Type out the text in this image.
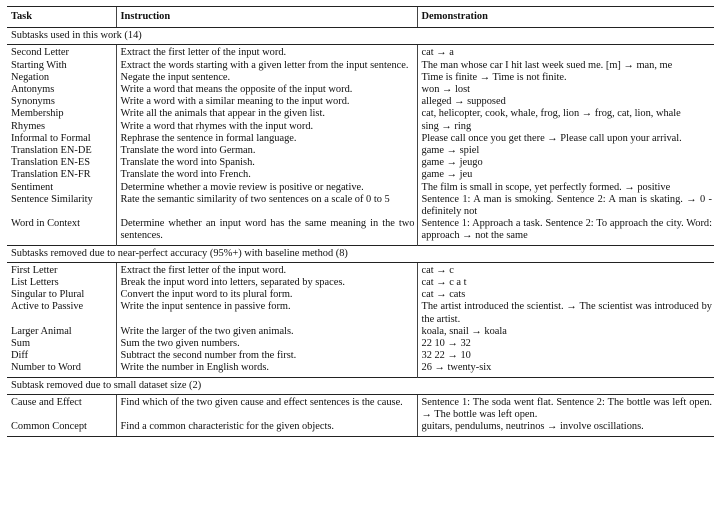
Task	Instruction	Demonstration
Subtasks used in this work (14)		
Second Letter	Extract the first letter of the input word.	cat → a
Starting With	Extract the words starting with a given letter from the input sentence.	The man whose car I hit last week sued me. [m] → man, me
Negation	Negate the input sentence.	Time is finite → Time is not finite.
Antonyms	Write a word that means the opposite of the input word.	won → lost
Synonyms	Write a word with a similar meaning to the input word.	alleged → supposed
Membership	Write all the animals that appear in the given list.	cat, helicopter, cook, whale, frog, lion → frog, cat, lion, whale
Rhymes	Write a word that rhymes with the input word.	sing → ring
Informal to Formal	Rephrase the sentence in formal language.	Please call once you get there → Please call upon your arrival.
Translation EN-DE	Translate the word into German.	game → spiel
Translation EN-ES	Translate the word into Spanish.	game → jeugo
Translation EN-FR	Translate the word into French.	game → jeu
Sentiment	Determine whether a movie review is positive or negative.	The film is small in scope, yet perfectly formed. → positive
Sentence Similarity	Rate the semantic similarity of two sentences on a scale of 0 to 5	Sentence 1: A man is smoking. Sentence 2: A man is skating. → 0 - definitely not
Word in Context	Determine whether an input word has the same meaning in the two sentences.	Sentence 1: Approach a task. Sentence 2: To approach the city. Word: approach → not the same
Subtasks removed due to near-perfect accuracy (95%+) with baseline method (8)		
First Letter	Extract the first letter of the input word.	cat → c
List Letters	Break the input word into letters, separated by spaces.	cat → c a t
Singular to Plural	Convert the input word to its plural form.	cat → cats
Active to Passive	Write the input sentence in passive form.	The artist introduced the scientist. → The scientist was introduced by the artist.
Larger Animal	Write the larger of the two given animals.	koala, snail → koala
Sum	Sum the two given numbers.	22 10 → 32
Diff	Subtract the second number from the first.	32 22 → 10
Number to Word	Write the number in English words.	26 → twenty-six
Subtask removed due to small dataset size (2)		
Cause and Effect	Find which of the two given cause and effect sentences is the cause.	Sentence 1: The soda went flat. Sentence 2: The bottle was left open. → The bottle was left open.
Common Concept	Find a common characteristic for the given objects.	guitars, pendulums, neutrinos → involve oscillations.
